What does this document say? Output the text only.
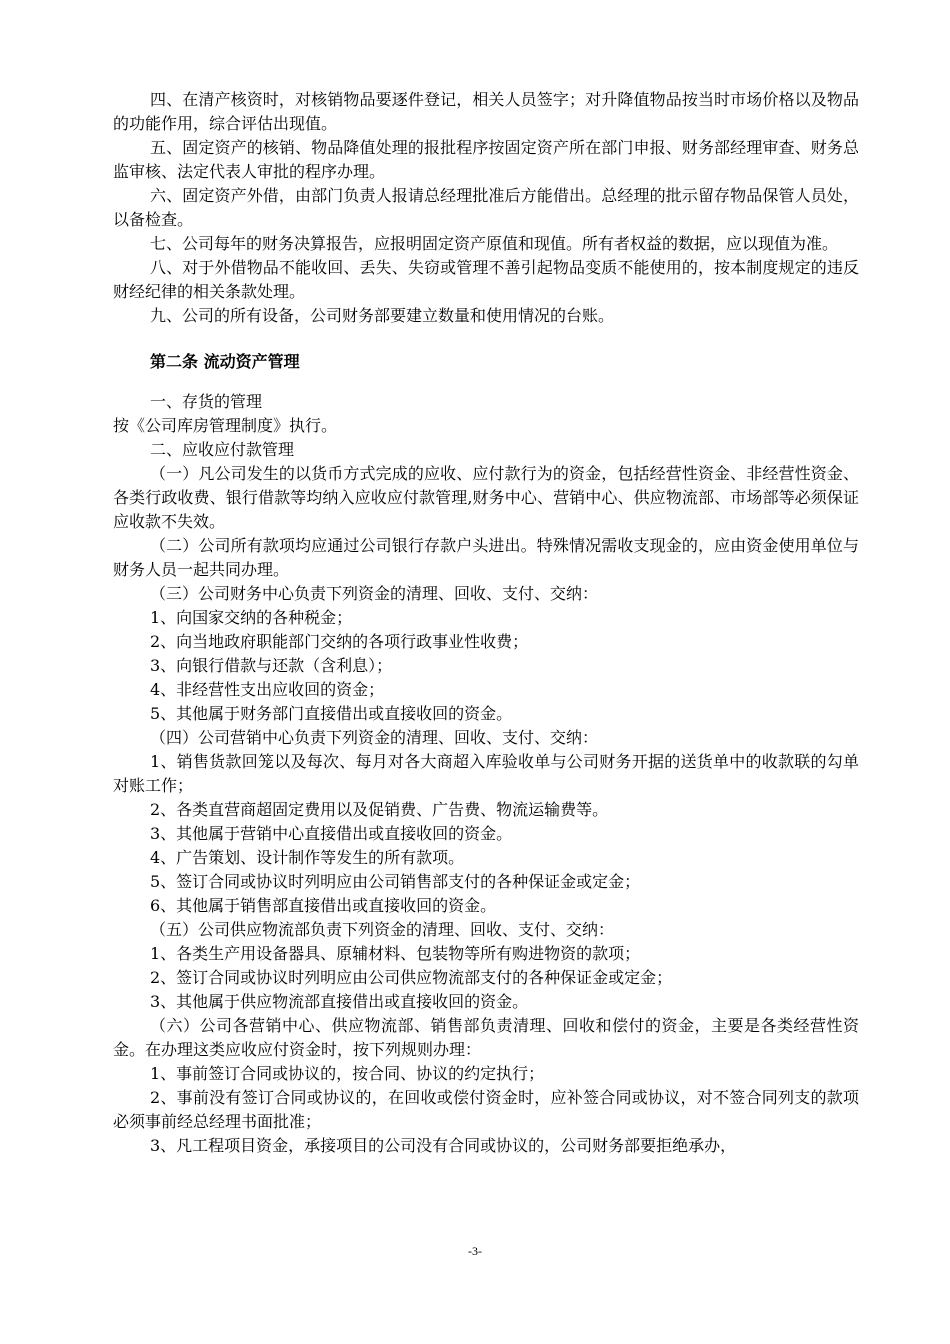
四、在清产核资时，对核销物品要逐件登记，相关人员签字；对升降值物品按当时市场价格以及物品的功能作用，综合评估出现值。

五、固定资产的核销、物品降值处理的报批程序按固定资产所在部门申报、财务部经理审查、财务总监审核、法定代表人审批的程序办理。

六、固定资产外借，由部门负责人报请总经理批准后方能借出。总经理的批示留存物品保管人员处，以备检查。

七、公司每年的财务决算报告，应报明固定资产原值和现值。所有者权益的数据，应以现值为准。

八、对于外借物品不能收回、丢失、失窃或管理不善引起物品变质不能使用的，按本制度规定的违反财经纪律的相关条款处理。

九、公司的所有设备，公司财务部要建立数量和使用情况的台账。

第二条 流动资产管理

一、存货的管理

按《公司库房管理制度》执行。

二、应收应付款管理

（一）凡公司发生的以货币方式完成的应收、应付款行为的资金，包括经营性资金、非经营性资金、各类行政收费、银行借款等均纳入应收应付款管理,财务中心、营销中心、供应物流部、市场部等必须保证应收款不失效。

（二）公司所有款项均应通过公司银行存款户头进出。特殊情况需收支现金的，应由资金使用单位与财务人员一起共同办理。

（三）公司财务中心负责下列资金的清理、回收、支付、交纳：

1、向国家交纳的各种税金；

2、向当地政府职能部门交纳的各项行政事业性收费；

3、向银行借款与还款（含利息）；

4、非经营性支出应收回的资金；

5、其他属于财务部门直接借出或直接收回的资金。

（四）公司营销中心负责下列资金的清理、回收、支付、交纳：

1、销售货款回笼以及每次、每月对各大商超入库验收单与公司财务开据的送货单中的收款联的勾单对账工作；

2、各类直营商超固定费用以及促销费、广告费、物流运输费等。

3、其他属于营销中心直接借出或直接收回的资金。

4、广告策划、设计制作等发生的所有款项。

5、签订合同或协议时列明应由公司销售部支付的各种保证金或定金；

6、其他属于销售部直接借出或直接收回的资金。

（五）公司供应物流部负责下列资金的清理、回收、支付、交纳：

1、各类生产用设备器具、原辅材料、包装物等所有购进物资的款项；

2、签订合同或协议时列明应由公司供应物流部支付的各种保证金或定金；

3、其他属于供应物流部直接借出或直接收回的资金。

（六）公司各营销中心、供应物流部、销售部负责清理、回收和偿付的资金，主要是各类经营性资金。在办理这类应收应付资金时，按下列规则办理：

1、事前签订合同或协议的，按合同、协议的约定执行；

2、事前没有签订合同或协议的，在回收或偿付资金时，应补签合同或协议，对不签合同列支的款项必须事前经总经理书面批准；

3、凡工程项目资金，承接项目的公司没有合同或协议的，公司财务部要拒绝承办，

-3-
